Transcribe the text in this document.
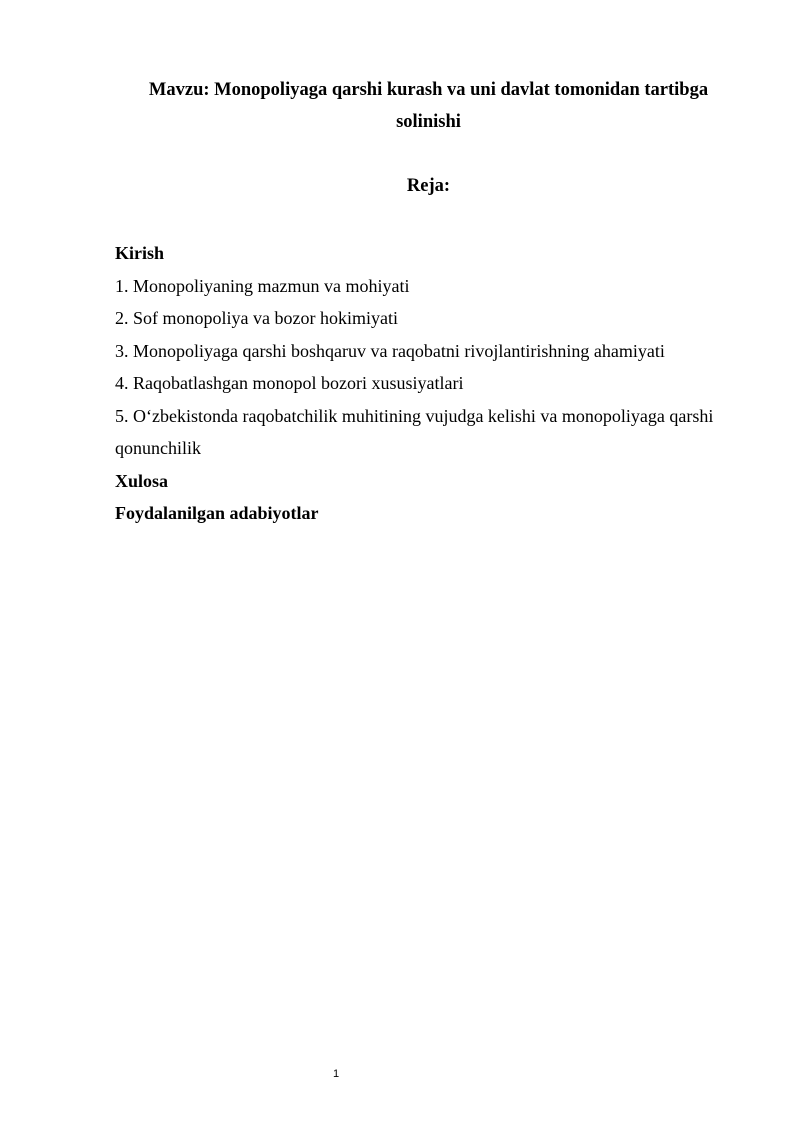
Mavzu: Monopoliyaga qarshi kurash va uni davlat tomonidan tartibga solinishi

Reja:

Kirish
1. Monopoliyaning mazmun va mohiyati
2. Sof monopoliya va bozor hokimiyati
3. Monopoliyaga qarshi boshqaruv va raqobatni rivojlantirishning ahamiyati
4. Raqobatlashgan monopol bozori xususiyatlari
5. O‘zbekistonda raqobatchilik muhitining vujudga kelishi va monopoliyaga qarshi qonunchilik
Xulosa
Foydalanilgan adabiyotlar
1
